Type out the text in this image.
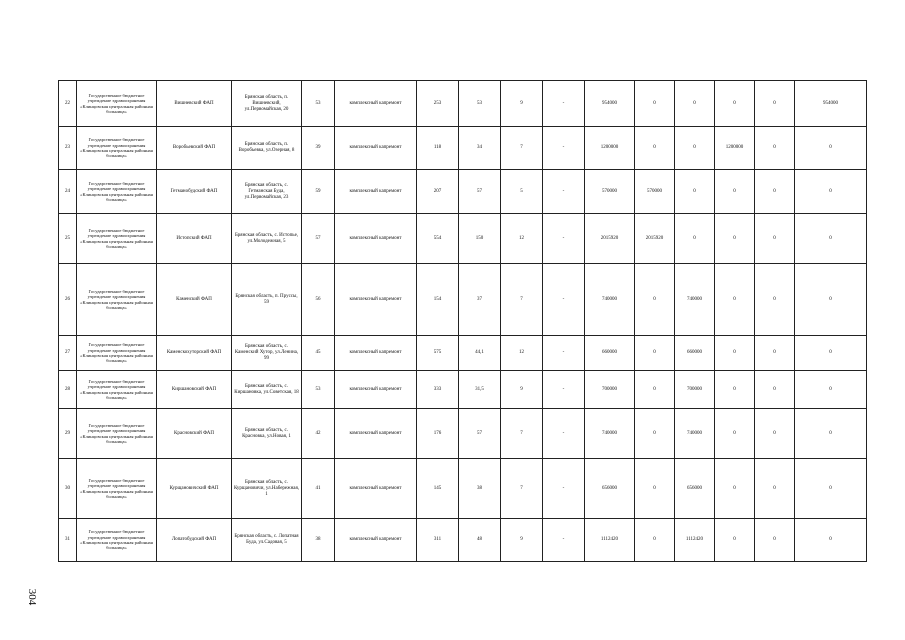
22	Государственное бюджетное учреждение здравоохранения «Клинцовская центральная районная больница»	Вишневский ФАП	Брянская область, п. Вишневский, ул.Первомайская, 20	53	комплексный капремонт	253	53	9	-	954000	0	0	0	0	954000
23	Государственное бюджетное учреждение здравоохранения «Клинцовская центральная районная больница»	Воробьевский ФАП	Брянская область, п. Воробьевка, ул.Озерная, 8	39	комплексный капремонт	118	34	7	-	1200000	0	0	1200000	0	0
24	Государственное бюджетное учреждение здравоохранения «Клинцовская центральная районная больница»	Гетманобудский ФАП	Брянская область, с. Гетманская Буда, ул.Первомайская, 23	59	комплексный капремонт	207	57	5	-	570000	570000	0	0	0	0
25	Государственное бюджетное учреждение здравоохранения «Клинцовская центральная районная больница»	Истопский ФАП	Брянская область, с. Истопье, ул.Молодежная, 5	57	комплексный капремонт	554	150	12	-	2015920	2015920	0	0	0	0
26	Государственное бюджетное учреждение здравоохранения «Клинцовская центральная районная больница»	Каменский ФАП	Брянская область, п. Пруссы, 59	56	комплексный капремонт	154	37	7	-	740000	0	740000	0	0	0
27	Государственное бюджетное учреждение здравоохранения «Клинцовская центральная районная больница»	Каменскохуторский ФАП	Брянская область, с. Каменский Хутор, ул.Ленина, 99	45	комплексный капремонт	575	44,1	12	-	660000	0	660000	0	0	0
28	Государственное бюджетное учреждение здравоохранения «Клинцовская центральная районная больница»	Киршановский ФАП	Брянская область, с. Киршановка, ул.Советская, 18	53	комплексный капремонт	333	31,5	9	-	700000	0	700000	0	0	0
29	Государственное бюджетное учреждение здравоохранения «Клинцовская центральная районная больница»	Красновский ФАП	Брянская область, с. Красновка, ул.Новая, 1	42	комплексный капремонт	176	57	7	-	740000	0	740000	0	0	0
30	Государственное бюджетное учреждение здравоохранения «Клинцовская центральная районная больница»	Курщановичский ФАП	Брянская область, с. Курщановичи, ул.Набережная, 1	41	комплексный капремонт	145	38	7	-	656000	0	656000	0	0	0
31	Государственное бюджетное учреждение здравоохранения «Клинцовская центральная районная больница»	Лопатобудский ФАП	Брянская область, с. Лопатная Буда, ул.Садовая, 5	38	комплексный капремонт	311	48	9	-	1112420	0	1112420	0	0	0
304
